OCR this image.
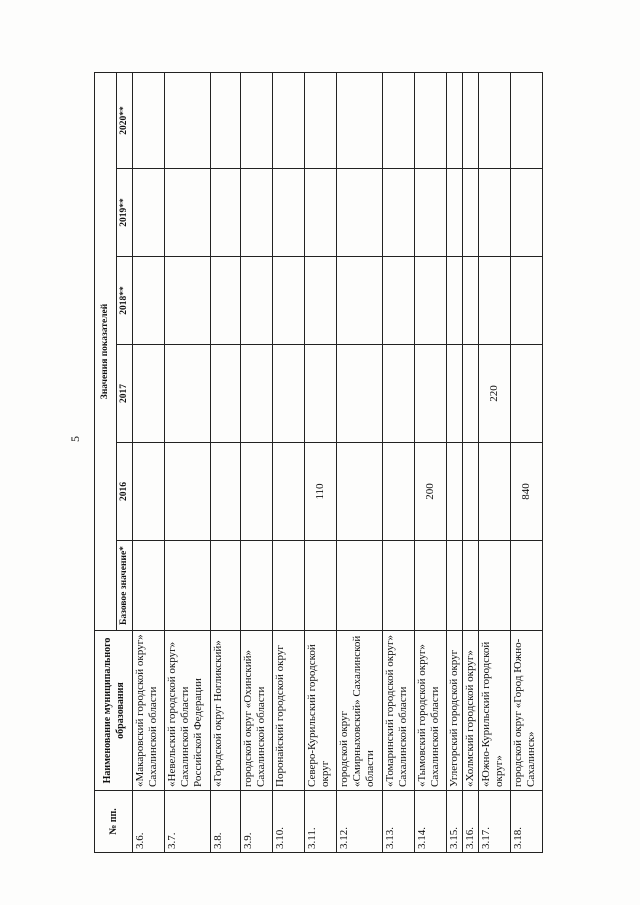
5
№ пп.	Наименование муниципального образования	Значения показателей					
		Базовое значение*	2016	2017	2018**	2019**	2020**
3.6.	«Макаровский городской округ» Сахалинской области						
3.7.	«Невельский городской округ» Сахалинской области Российской Федерации						
3.8.	«Городской округ Ногликский»						
3.9.	городской округ «Охинский» Сахалинской области						
3.10.	Поронайский городской округ						
3.11.	Северо-Курильский городской округ		110				
3.12.	городской округ «Смирныховский» Сахалинской области						
3.13.	«Томаринский городской округ» Сахалинской области						
3.14.	«Тымовский городской округ» Сахалинской области		200				
3.15.	Углегорский городской округ						
3.16.	«Холмский городской округ»						
3.17.	«Южно-Курильский городской округ»			220			
3.18.	городской округ «Город Южно-Сахалинск»		840				
